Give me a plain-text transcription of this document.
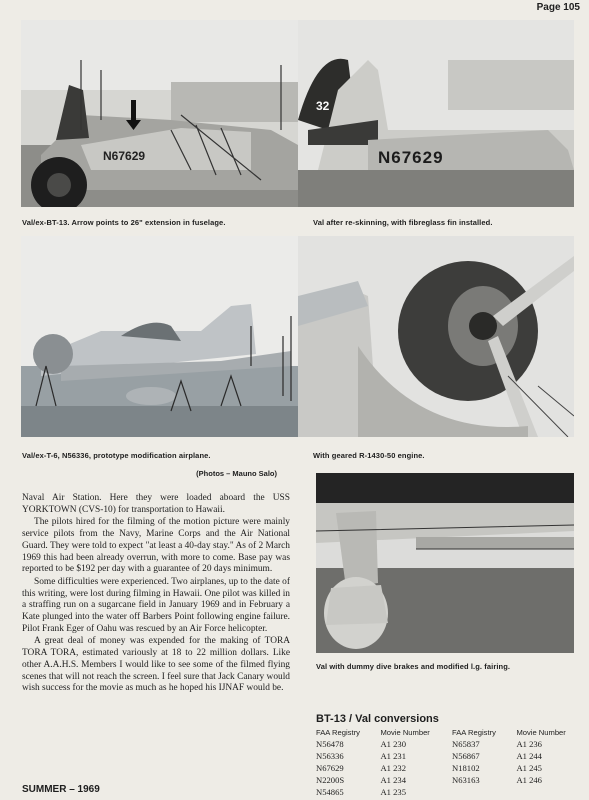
Page 105
N67629
Val/ex-BT-13. Arrow points to 26" extension in fuselage.
32
N67629
Val after re-skinning, with fibreglass fin installed.
Val/ex-T-6, N56336, prototype modification airplane.	With geared R-1430-50 engine.
(Photos – Mauno Salo)
Val with dummy dive brakes and modified l.g. fairing.

Naval Air Station. Here they were loaded aboard the USS YORKTOWN (CVS-10) for transportation to Hawaii.

The pilots hired for the filming of the motion picture were mainly service pilots from the Navy, Marine Corps and the Air National Guard. They were told to expect "at least a 40-day stay." As of 2 March 1969 this had been already overrun, with more to come. Base pay was reported to be $192 per day with a guarantee of 20 days minimum.

Some difficulties were experienced. Two airplanes, up to the date of this writing, were lost during filming in Hawaii. One pilot was killed in a straffing run on a sugarcane field in January 1969 and in February a Kate plunged into the water off Barbers Point following engine failure. Pilot Frank Eger of Oahu was rescued by an Air Force helicopter.

A great deal of money was expended for the making of TORA TORA TORA, estimated variously at 18 to 22 million dollars. Like other A.A.H.S. Members I would like to see some of the filmed flying scenes that will not reach the screen. I feel sure that Jack Canary would wish success for the movie as much as he hoped his IJNAF would be.

BT-13 / Val conversions
FAA Registry	Movie Number	FAA Registry	Movie Number
N56478	A1 230	N65837	A1 236
N56336	A1 231	N56867	A1 244
N67629	A1 232	N18102	A1 245
N2200S	A1 234	N63163	A1 246
N54865	A1 235		
SUMMER – 1969
